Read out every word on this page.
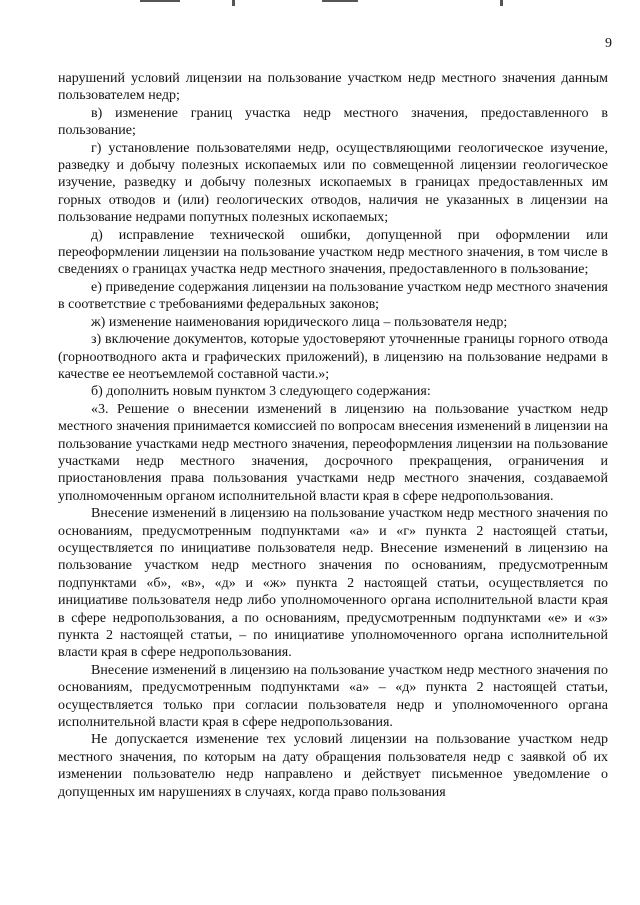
9

нарушений условий лицензии на пользование участком недр местного значения данным пользователем недр;

в) изменение границ участка недр местного значения, предоставленного в пользование;

г) установление пользователями недр, осуществляющими геологическое изучение, разведку и добычу полезных ископаемых или по совмещенной лицензии геологическое изучение, разведку и добычу полезных ископаемых в границах предоставленных им горных отводов и (или) геологических отводов, наличия не указанных в лицензии на пользование недрами попутных полезных ископаемых;

д) исправление технической ошибки, допущенной при оформлении или переоформлении лицензии на пользование участком недр местного значения, в том числе в сведениях о границах участка недр местного значения, предоставленного в пользование;

е) приведение содержания лицензии на пользование участком недр местного значения в соответствие с требованиями федеральных законов;

ж) изменение наименования юридического лица – пользователя недр;

з) включение документов, которые удостоверяют уточненные границы горного отвода (горноотводного акта и графических приложений), в лицензию на пользование недрами в качестве ее неотъемлемой составной части.»;

б) дополнить новым пунктом 3 следующего содержания:

«3. Решение о внесении изменений в лицензию на пользование участком недр местного значения принимается комиссией по вопросам внесения изменений в лицензии на пользование участками недр местного значения, переоформления лицензии на пользование участками недр местного значения, досрочного прекращения, ограничения и приостановления права пользования участками недр местного значения, создаваемой уполномоченным органом исполнительной власти края в сфере недропользования.

Внесение изменений в лицензию на пользование участком недр местного значения по основаниям, предусмотренным подпунктами «а» и «г» пункта 2 настоящей статьи, осуществляется по инициативе пользователя недр. Внесение изменений в лицензию на пользование участком недр местного значения по основаниям, предусмотренным подпунктами «б», «в», «д» и «ж» пункта 2 настоящей статьи, осуществляется по инициативе пользователя недр либо уполномоченного органа исполнительной власти края в сфере недропользования, а по основаниям, предусмотренным подпунктами «е» и «з» пункта 2 настоящей статьи, – по инициативе уполномоченного органа исполнительной власти края в сфере недропользования.

Внесение изменений в лицензию на пользование участком недр местного значения по основаниям, предусмотренным подпунктами «а» – «д» пункта 2 настоящей статьи, осуществляется только при согласии пользователя недр и уполномоченного органа исполнительной власти края в сфере недропользования.

Не допускается изменение тех условий лицензии на пользование участком недр местного значения, по которым на дату обращения пользователя недр с заявкой об их изменении пользователю недр направлено и действует письменное уведомление о допущенных им нарушениях в случаях, когда право пользования
